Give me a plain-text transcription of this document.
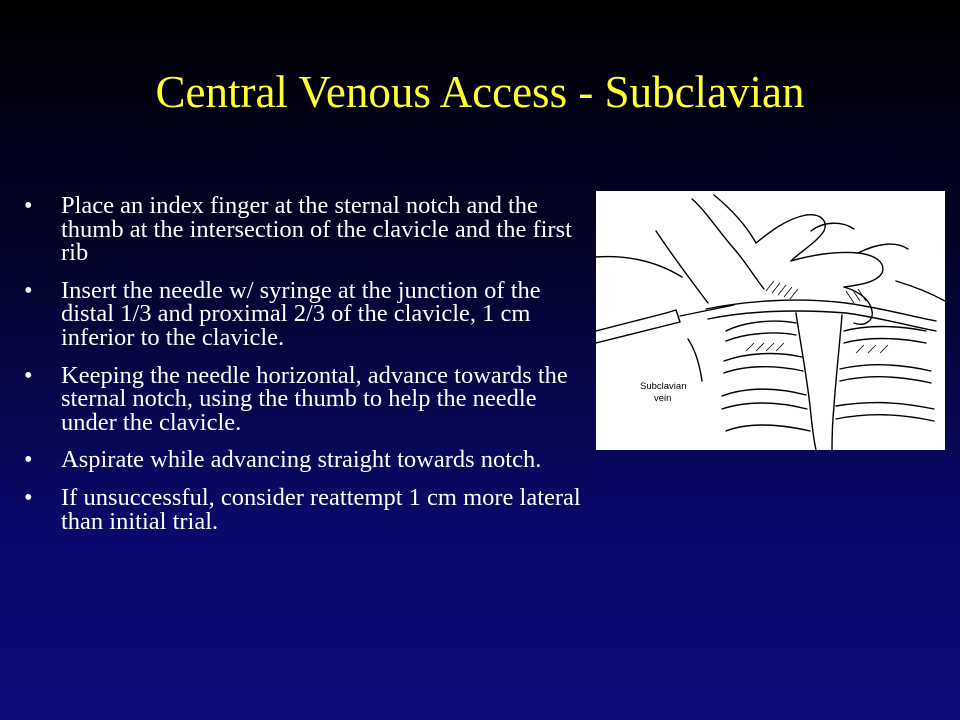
Central Venous Access - Subclavian
•	Place an index finger at the sternal notch and the thumb at the intersection of the clavicle and the first rib
•	Insert the needle w/ syringe at the junction of the distal 1/3 and proximal 2/3 of the clavicle, 1 cm inferior to the clavicle.
•	Keeping the needle horizontal, advance towards the sternal notch, using the thumb to help the needle under the clavicle.
•	Aspirate while advancing straight towards notch.
•	If unsuccessful, consider reattempt 1 cm more lateral than initial trial.
Subclavian
vein
